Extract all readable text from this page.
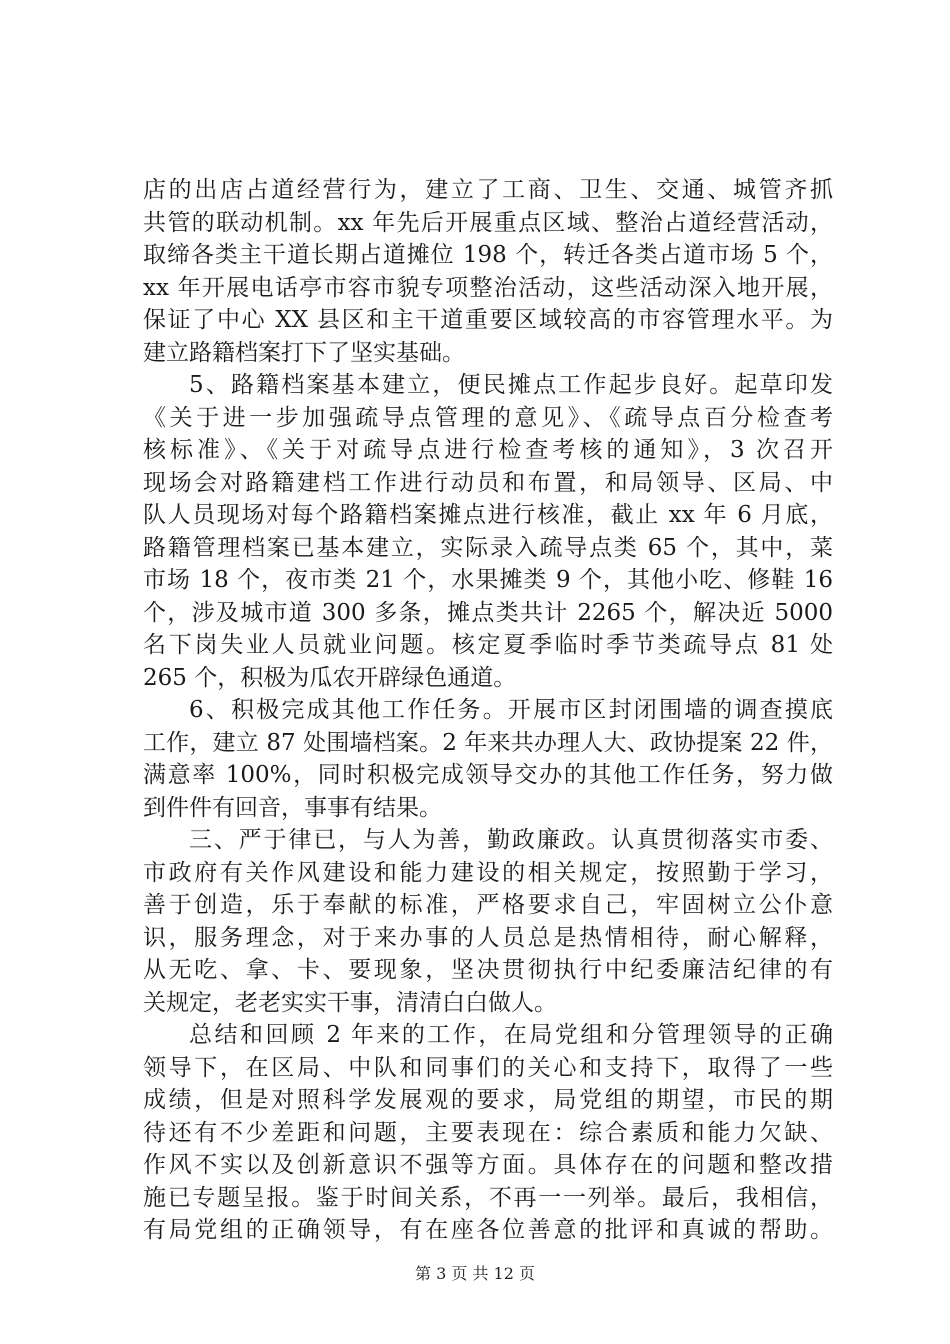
店的出店占道经营行为，建立了工商、卫生、交通、城管齐抓
共管的联动机制。xx 年先后开展重点区域、整治占道经营活动，
取缔各类主干道长期占道摊位 198 个，转迁各类占道市场 5 个，
xx 年开展电话亭市容市貌专项整治活动，这些活动深入地开展，
保证了中心 XX 县区和主干道重要区域较高的市容管理水平。为
建立路籍档案打下了坚实基础。
5、路籍档案基本建立，便民摊点工作起步良好。起草印发
《关于进一步加强疏导点管理的意见》、《疏导点百分检查考
核标准》、《关于对疏导点进行检查考核的通知》，3 次召开
现场会对路籍建档工作进行动员和布置，和局领导、区局、中
队人员现场对每个路籍档案摊点进行核准，截止 xx 年 6 月底，
路籍管理档案已基本建立，实际录入疏导点类 65 个，其中，菜
市场 18 个，夜市类 21 个，水果摊类 9 个，其他小吃、修鞋 16
个，涉及城市道 300 多条，摊点类共计 2265 个，解决近 5000
名下岗失业人员就业问题。核定夏季临时季节类疏导点 81 处
265 个，积极为瓜农开辟绿色通道。
6、积极完成其他工作任务。开展市区封闭围墙的调查摸底
工作，建立 87 处围墙档案。2 年来共办理人大、政协提案 22 件，
满意率 100%，同时积极完成领导交办的其他工作任务，努力做
到件件有回音，事事有结果。
三、严于律已，与人为善，勤政廉政。认真贯彻落实市委、
市政府有关作风建设和能力建设的相关规定，按照勤于学习，
善于创造，乐于奉献的标准，严格要求自己，牢固树立公仆意
识，服务理念，对于来办事的人员总是热情相待，耐心解释，
从无吃、拿、卡、要现象，坚决贯彻执行中纪委廉洁纪律的有
关规定，老老实实干事，清清白白做人。
总结和回顾 2 年来的工作，在局党组和分管理领导的正确
领导下，在区局、中队和同事们的关心和支持下，取得了一些
成绩，但是对照科学发展观的要求，局党组的期望，市民的期
待还有不少差距和问题，主要表现在：综合素质和能力欠缺、
作风不实以及创新意识不强等方面。具体存在的问题和整改措
施已专题呈报。鉴于时间关系，不再一一列举。最后，我相信，
有局党组的正确领导，有在座各位善意的批评和真诚的帮助。
第 3 页 共 12 页
